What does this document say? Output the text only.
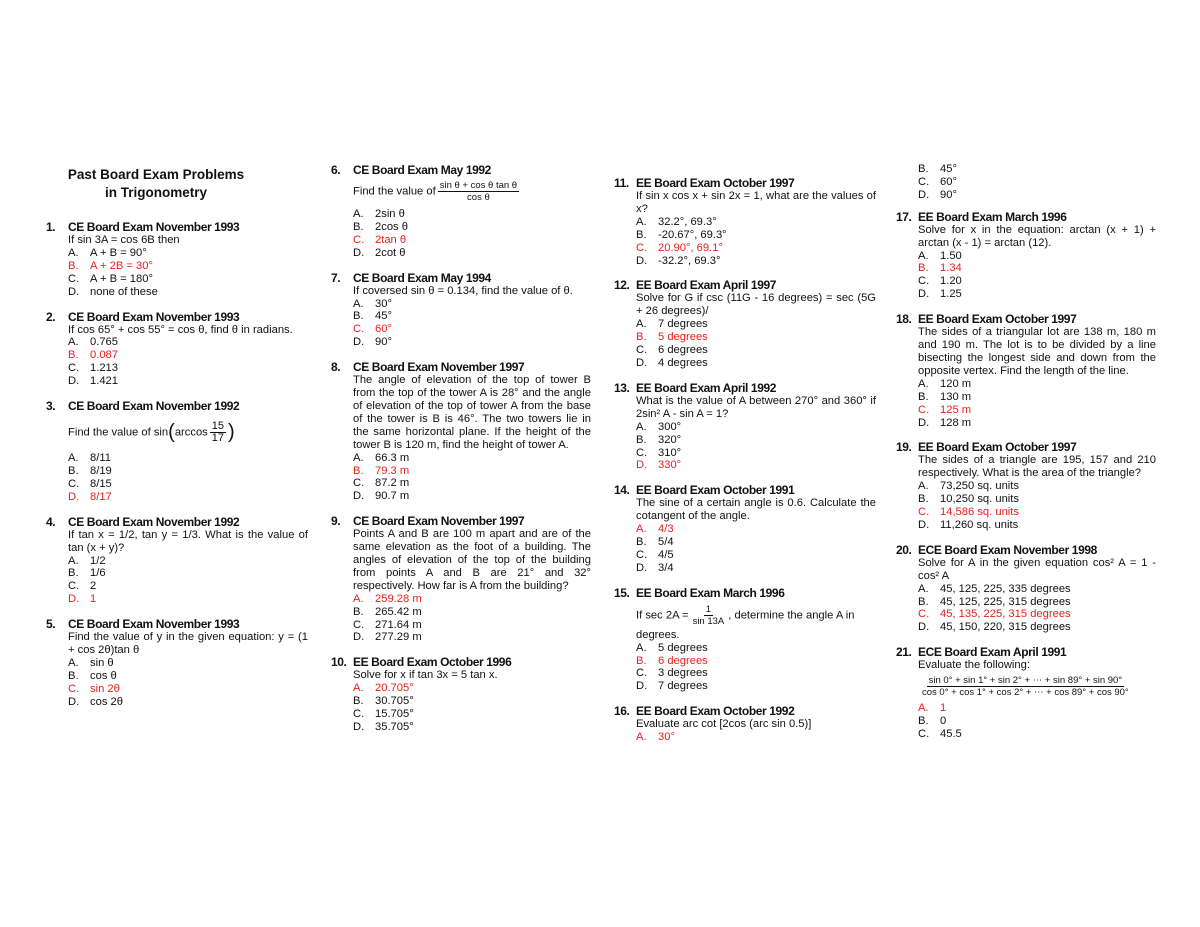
Past Board Exam Problems
in Trigonometry
1.	CE Board Exam November 1993
If sin 3A = cos 6B then
A.	A + B = 90°
B.	A + 2B = 30°
C. A + B = 180°
D. none of these
2.	CE Board Exam November 1993
If cos 65° + cos 55° = cos θ, find θ in radians.
A.	0.765
B.	0.087
C. 1.213
D. 1.421
3.	CE Board Exam November 1992
Find the value of $\sin(\arccos \frac{15}{17}$ )
A.	8/11
B.	8/19
C. 8/15
D. 8/17
4.	CE Board Exam November 1992
If tan x = 1/2, tan y = 1/3. What is the value of tan (x + y)?
A.	1/2
B.	1/6
C. 2
D. 1
5.	CE Board Exam November 1993
Find the value of y in the given equation: y = (1 + cos 2θ)tan θ
A.	sin θ
B.	cos θ
C. sin 2θ
D. cos 2θ
6.	CE Board Exam May 1992
Find the value of $\frac{\text{sin θ + cos θ tan θ}}{\text{cos θ}}$
A.	2sin θ
B.	2cos θ
C. 2tan θ
D. 2cot θ
7.	CE Board Exam May 1994
If coversed sin θ = 0.134, find the value of θ.
A.	30°
B.	45°
C. 60°
D. 90°
8.	CE Board Exam November 1997
The angle of elevation of the top of tower B from the top of the tower A is 28° and the angle of elevation of the top of tower A from the base of the tower is B is 46°. The two towers lie in the same horizontal plane. If the height of the tower B is 120 m, find the height of tower A.
A.	66.3 m
B.	79.3 m
C. 87.2 m
D. 90.7 m
9.	CE Board Exam November 1997
Points A and B are 100 m apart and are of the same elevation as the foot of a building. The angles of elevation of the top of the building from points A and B are 21° and 32° respectively. How far is A from the building?
A.	259.28 m
B.	265.42 m
C. 271.64 m
D. 277.29 m
10. EE Board Exam October 1996
Solve for x if tan 3x = 5 tan x.
A.	20.705°
B.	30.705°
C. 15.705°
D. 35.705°
11. EE Board Exam October 1997
If sin x cos x + sin 2x = 1, what are the values of x?
A.	32.2°, 69.3°
B.	-20.67°, 69.3°
C. 20.90°, 69.1°
D. -32.2°, 69.3°
12. EE Board Exam April 1997
Solve for G if csc (11G - 16 degrees) = sec (5G + 26 degrees)/
A.	7 degrees
B.	5 degrees
C. 6 degrees
D. 4 degrees
13. EE Board Exam April 1992
What is the value of A between 270° and 360° if 2sin² A - sin A = 1?
A.	300°
B.	320°
C. 310°
D. 330°
14. EE Board Exam October 1991
The sine of a certain angle is 0.6. Calculate the cotangent of the angle.
A.	4/3
B.	5/4
C. 4/5
D. 3/4
15. EE Board Exam March 1996
If $\sec 2A = \frac{1}{\sin 13A}$ , determine the angle A in
degrees.
A.	5 degrees
B.	6 degrees
C. 3 degrees
D. 7 degrees
16. EE Board Exam October 1992
Evaluate arc cot [2cos (arc sin 0.5)]
A.	30°
B.	45°
C. 60°
D. 90°
17. EE Board Exam March 1996
Solve for x in the equation: arctan (x + 1) + arctan (x - 1) = arctan (12).
A.	1.50
B.	1.34
C. 1.20
D. 1.25
18. EE Board Exam October 1997
The sides of a triangular lot are 138 m, 180 m and 190 m. The lot is to be divided by a line bisecting the longest side and down from the opposite vertex. Find the length of the line.
A.	120 m
B.	130 m
C. 125 m
D. 128 m
19. EE Board Exam October 1997
The sides of a triangle are 195, 157 and 210 respectively. What is the area of the triangle?
A.	73,250 sq. units
B.	10,250 sq. units
C. 14,586 sq. units
D. 11,260 sq. units
20. ECE Board Exam November 1998
Solve for A in the given equation cos² A = 1 - cos² A
A.	45, 125, 225, 335 degrees
B.	45, 125, 225, 315 degrees
C. 45, 135, 225, 315 degrees
D. 45, 150, 220, 315 degrees
21. ECE Board Exam April 1991
Evaluate the following:
$\frac{\sin 0^\circ + \sin 1^\circ + \sin 2^\circ + \cdots + \sin 89^\circ + \sin 90^\circ}{\cos 0^\circ + \cos 1^\circ + \cos 2^\circ + \cdots + \cos 89^\circ + \cos 90^\circ}$
A.	1
B.	0
C. 45.5
